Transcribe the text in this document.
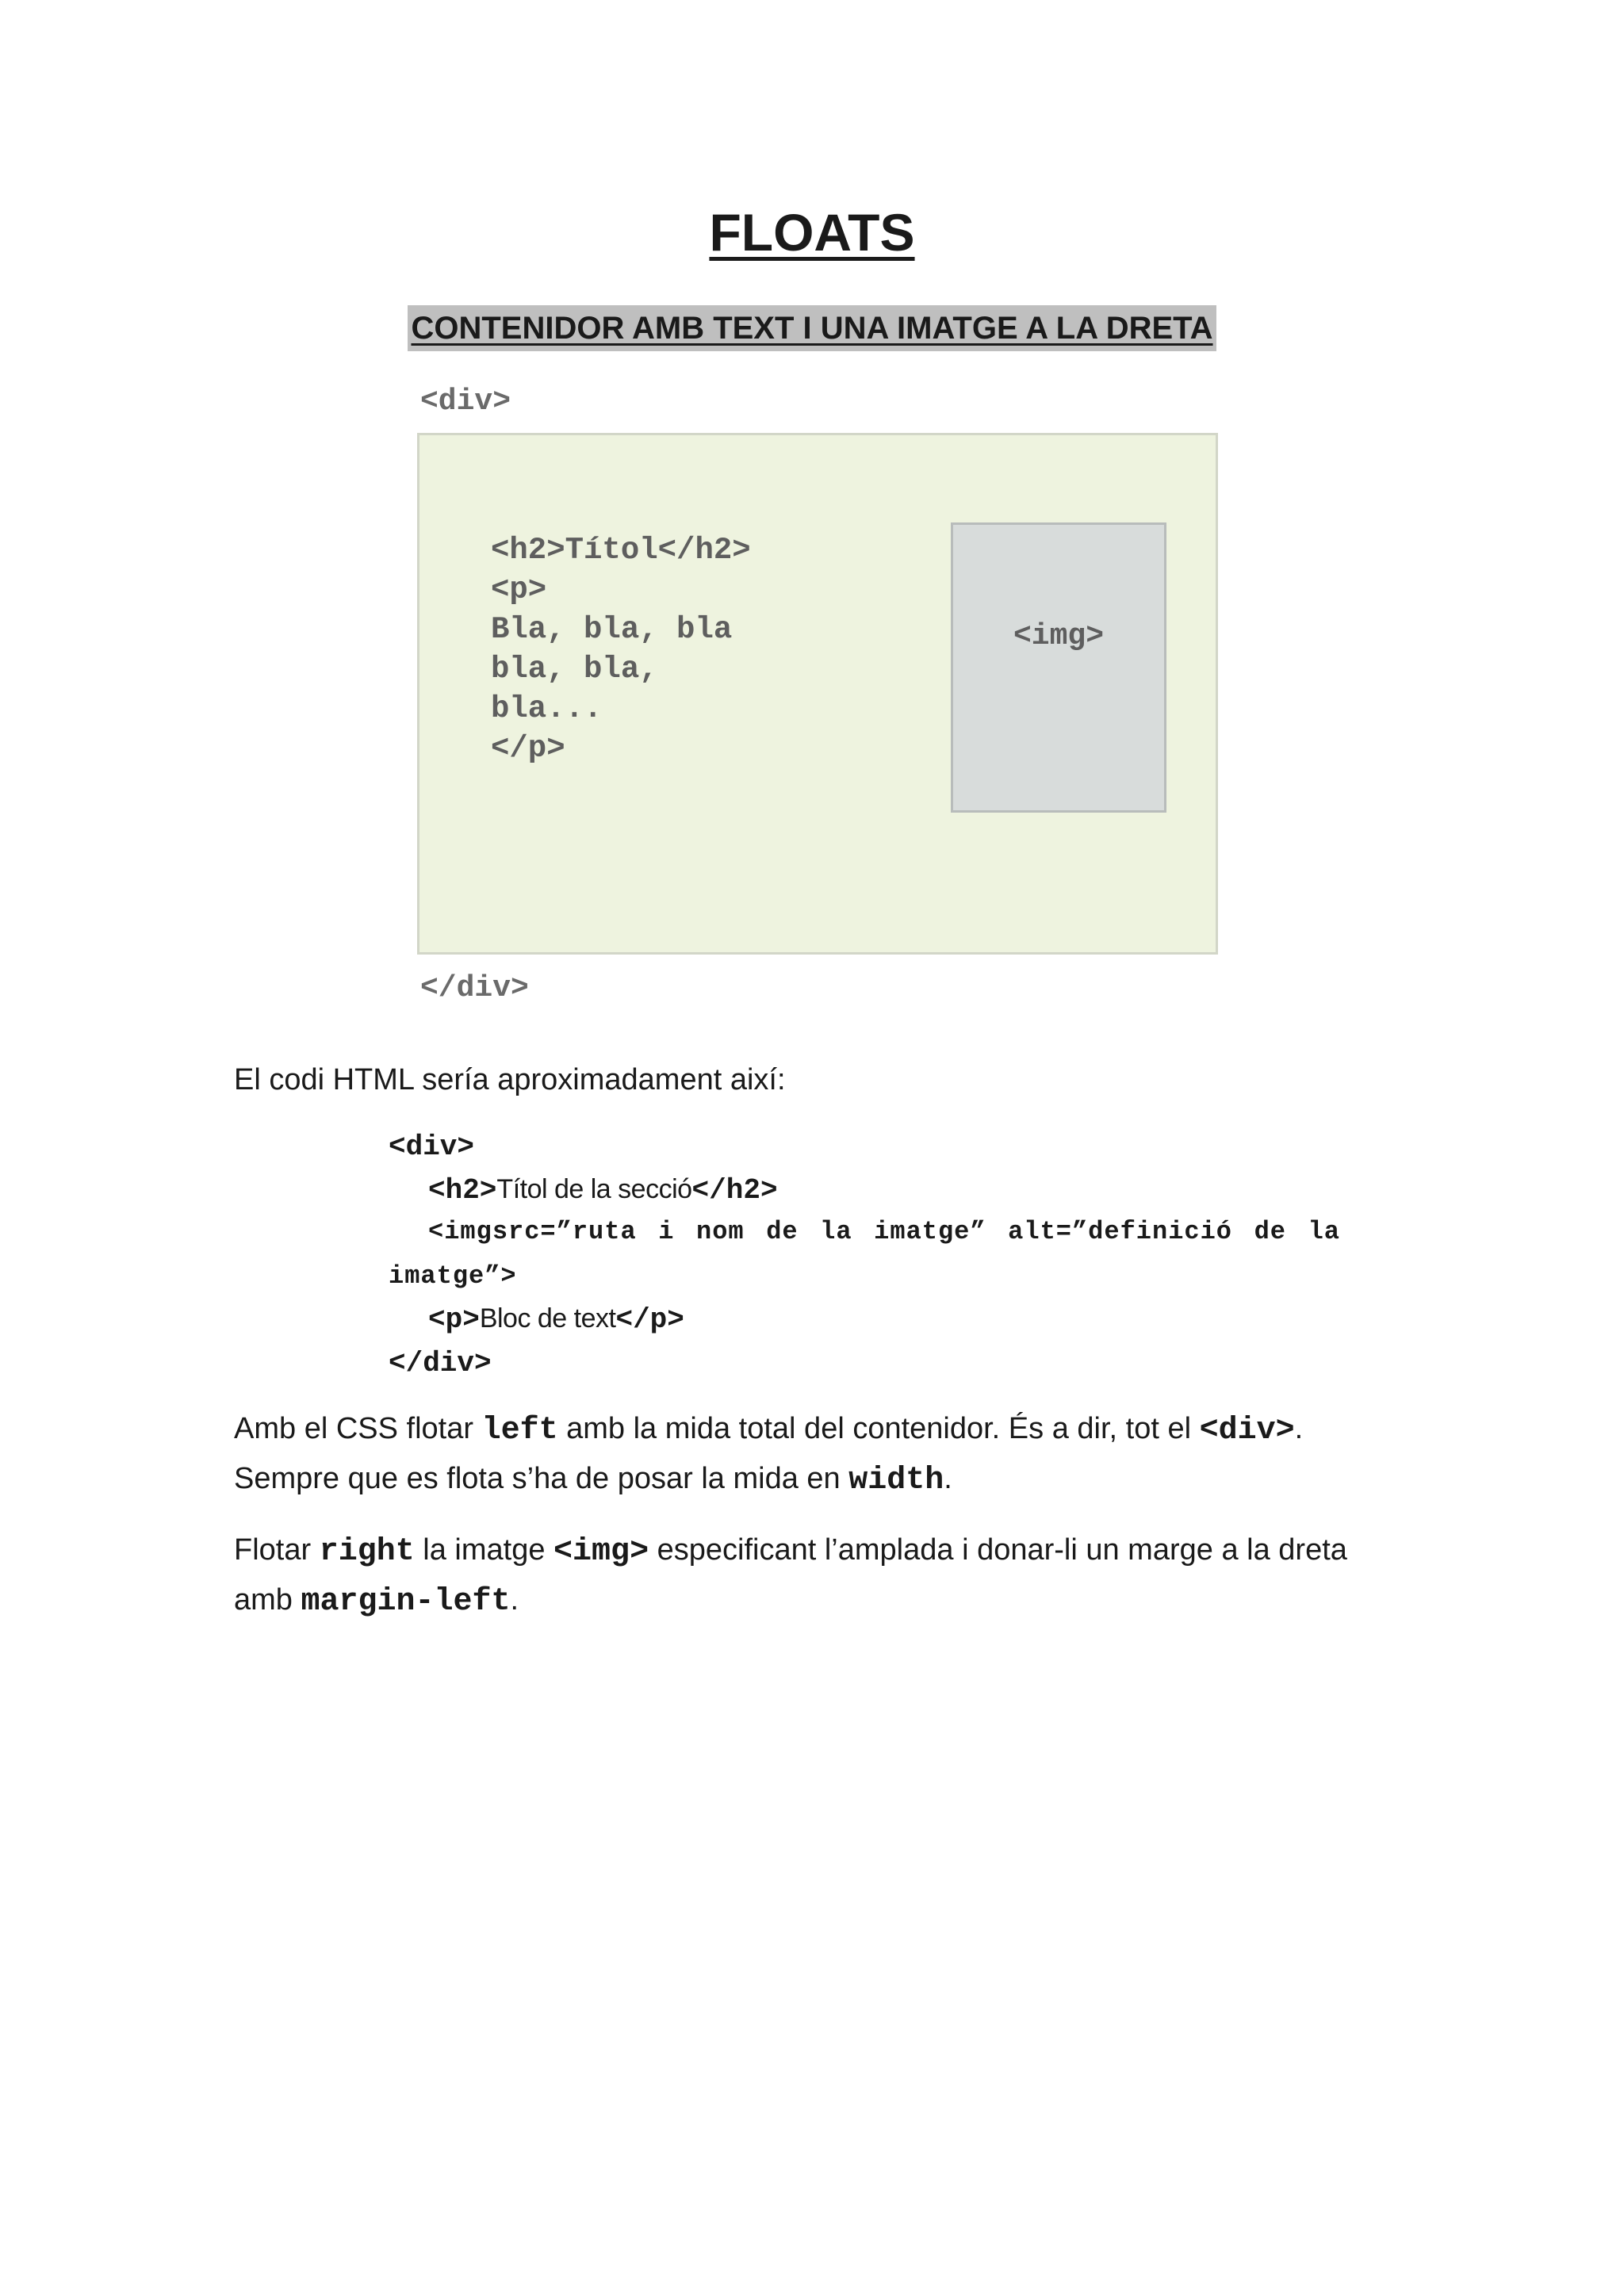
FLOATS
CONTENIDOR AMB TEXT I UNA IMATGE A LA DRETA
<div>
<h2>Títol</h2>
<p>
Bla, bla, bla
bla, bla,
bla...
</p>
<img>
</div>
El codi HTML sería aproximadament així:
<div>
<h2>Títol de la secció</h2>
<imgsrc=”ruta i nom de la imatge” alt=”definició de la
imatge”>
<p>Bloc de text</p>
</div>
Amb el CSS flotar left amb la mida total del contenidor. És a dir, tot el <div>.
Sempre que es flota s’ha de posar la mida en width.
Flotar right la imatge <img> especificant l’amplada i donar-li un marge a la dreta
amb margin-left.
